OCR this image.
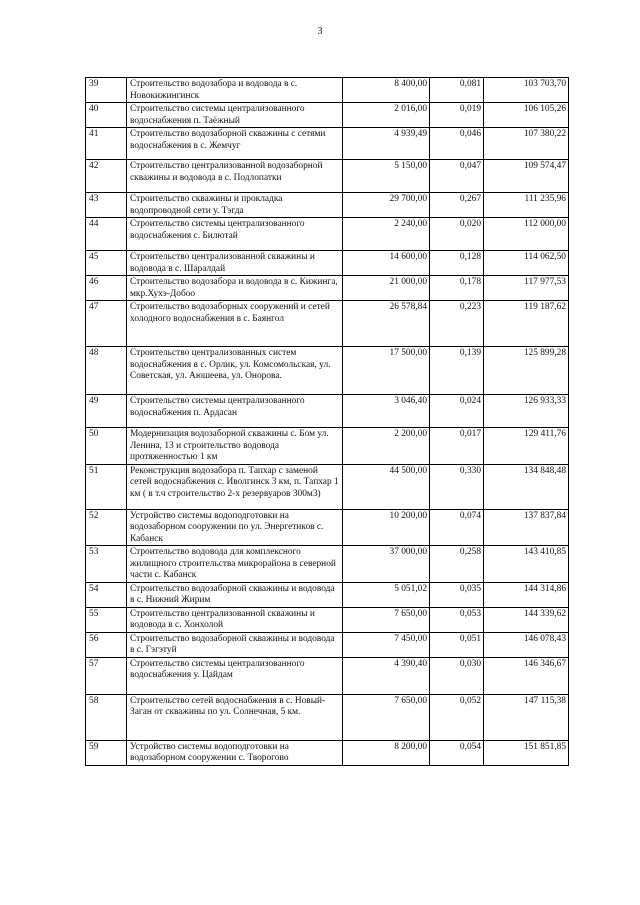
3
39	Строительство водозабора и водовода в с. Новокижингинск	8 400,00	0,081	103 703,70
40	Строительство системы централизованного водоснабжения п. Таёжный	2 016,00	0,019	106 105,26
41	Строительство водозаборной скважины с сетями водоснабжения в с. Жемчуг	4 939,49	0,046	107 380,22
42	Строительство централизованной водозаборной скважины и водовода в с. Подлопатки	5 150,00	0,047	109 574,47
43	Строительство скважины и прокладка водопроводной сети у. Тэгда	29 700,00	0,267	111 235,96
44	Строительство системы централизованного водоснабжения с. Билютай	2 240,00	0,020	112 000,00
45	Строительство централизованной скважины и водовода в с. Шаралдай	14 600,00	0,128	114 062,50
46	Строительство водозабора и водовода в с. Кижинга, мкр.Хухэ-Добоо	21 000,00	0,178	117 977,53
47	Строительство водозаборных сооружений и сетей холодного водоснабжения в с. Баянгол	26 578,84	0,223	119 187,62
48	Строительство централизованных систем водоснабжения в с. Орлик, ул. Комсомольская, ул. Советская, ул. Аюшеева, ул. Онорова.	17 500,00	0,139	125 899,28
49	Строительство системы централизованного водоснабжения п. Ардасан	3 046,40	0,024	126 933,33
50	Модернизация водозаборной скважины с. Бом ул. Ленина, 13 и строительство водовода протяженностью 1 км	2 200,00	0,017	129 411,76
51	Реконструкция водозабора п. Тапхар с заменой сетей водоснабжения с. Иволгинск 3 км, п. Тапхар 1 км ( в т.ч строительство 2-х резервуаров 300м3)	44 500,00	0,330	134 848,48
52	Устройство системы водоподготовки на водозаборном сооружении по ул. Энергетиков с. Кабанск	10 200,00	0,074	137 837,84
53	Строительство водовода для комплексного жилищного строительства микрорайона в северной части с. Кабанск	37 000,00	0,258	143 410,85
54	Строительство водозаборной скважины и водовода в с. Нижний Жирим	5 051,02	0,035	144 314,86
55	Строительство централизованной скважины и водовода в с. Хонхолой	7 650,00	0,053	144 339,62
56	Строительство водозаборной скважины и водовода в с. Гэгэтуй	7 450,00	0,051	146 078,43
57	Строительство системы централизованного водоснабжения у. Цайдам	4 390,40	0,030	146 346,67
58	Строительство сетей водоснабжения в с. Новый-Заган от скважины по ул. Солнечная, 5 км.	7 650,00	0,052	147 115,38
59	Устройство системы водоподготовки на водозаборном сооружении с. Творогово	8 200,00	0,054	151 851,85
